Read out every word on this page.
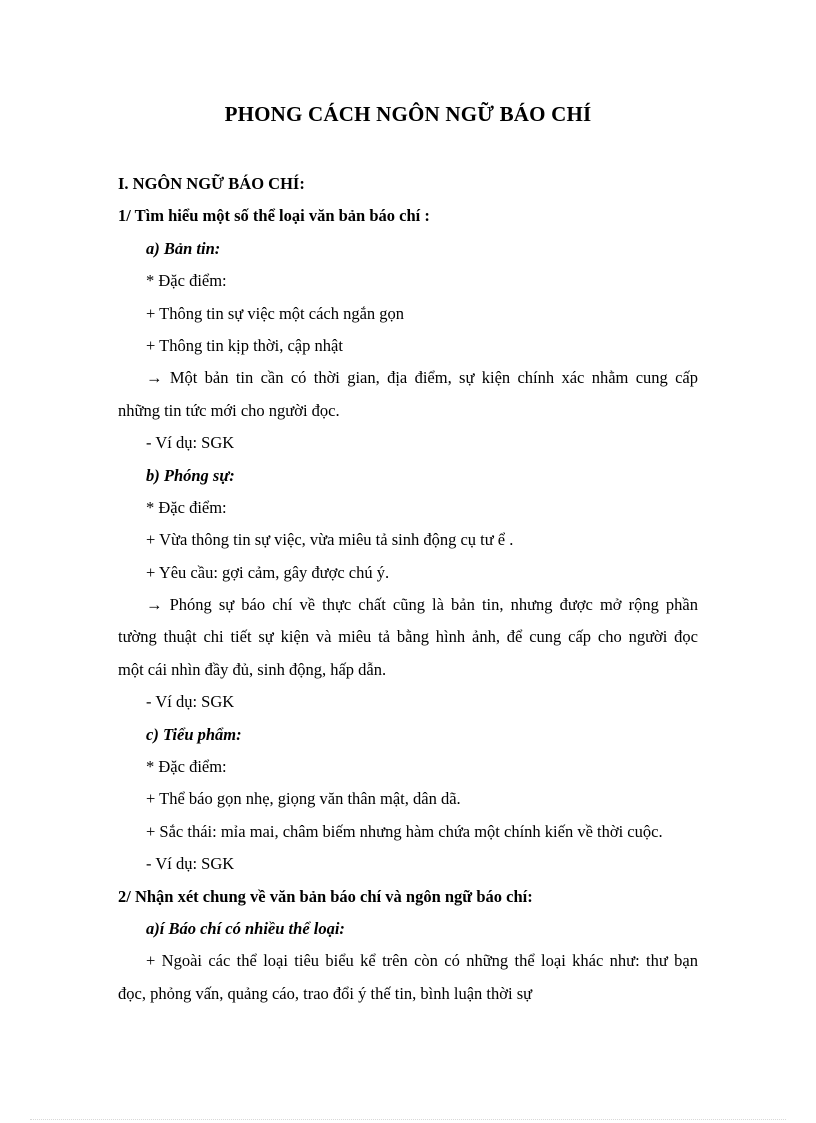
PHONG CÁCH NGÔN NGỮ BÁO CHÍ
I. NGÔN NGỮ BÁO CHÍ:
1/ Tìm hiểu một số thể loại văn bản báo chí :
a) Bản tin:
* Đặc điểm:
+ Thông tin sự việc một cách ngắn gọn
+ Thông tin kịp thời, cập nhật
→ Một bản tin cần có thời gian, địa điểm, sự kiện chính xác nhằm cung cấp
những tin tức mới cho người đọc.
- Ví dụ: SGK
b) Phóng sự:
* Đặc điểm:
+ Vừa thông tin sự việc, vừa miêu tả sinh động cụ tư ể .
+ Yêu cầu: gợi cảm, gây được chú ý.
→ Phóng sự báo chí về thực chất cũng là bản tin, nhưng được mở rộng phần
tường thuật chi tiết sự kiện và miêu tả bằng hình ảnh, để cung cấp cho người đọc
một cái nhìn đầy đủ, sinh động, hấp dẫn.
- Ví dụ: SGK
c) Tiểu phẩm:
* Đặc điểm:
+ Thể báo gọn nhẹ, giọng văn thân mật, dân dã.
+ Sắc thái: mỉa mai, châm biếm nhưng hàm chứa một chính kiến về thời cuộc.
- Ví dụ: SGK
2/ Nhận xét chung về văn bản báo chí và ngôn ngữ báo chí:
a)í Báo chí có nhiều thể loại:
+ Ngoài các thể loại tiêu biểu kể trên còn có những thể loại khác như: thư bạn
đọc, phỏng vấn, quảng cáo, trao đổi ý thế tin, bình luận thời sự
